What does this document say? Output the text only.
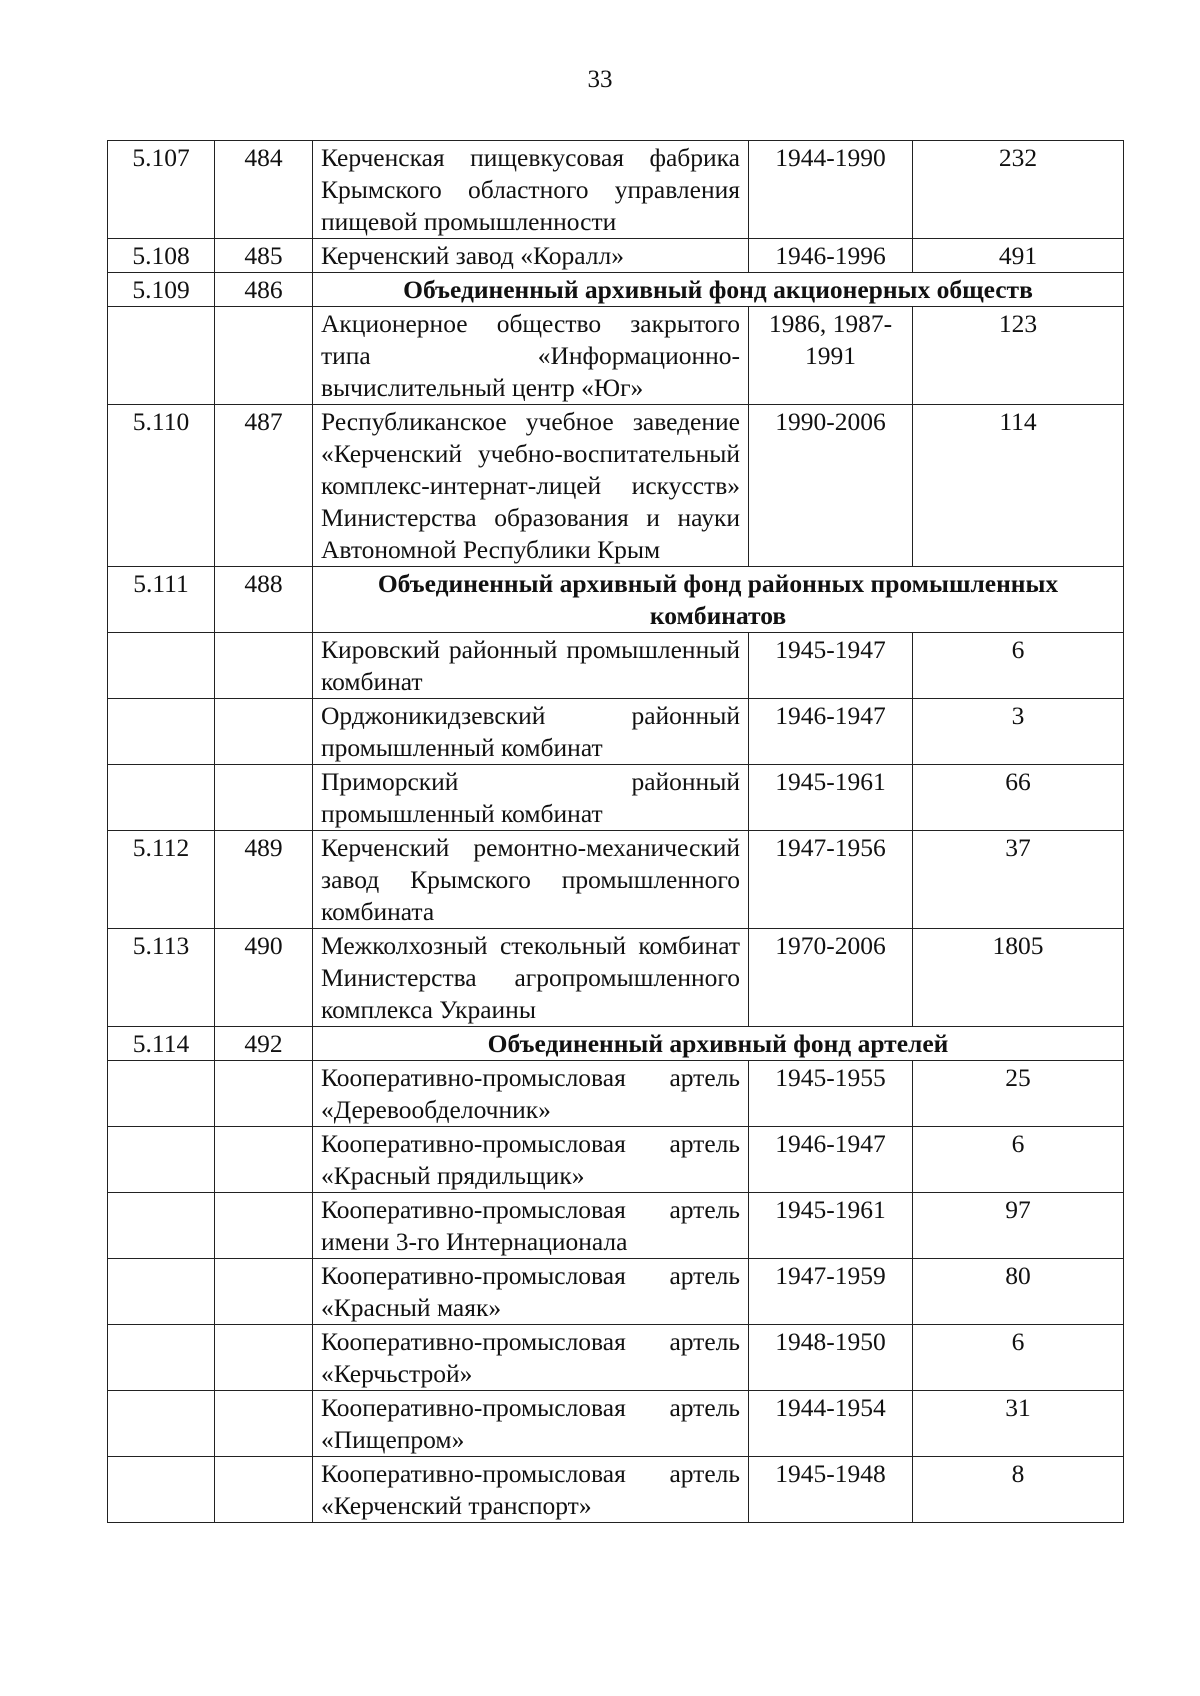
33
5.107	484	Керченская пищевкусовая фабрика Крымского областного управления пищевой промышленности	1944-1990	232
5.108	485	Керченский завод «Коралл»	1946-1996	491
5.109	486	Объединенный архивный фонд акционерных обществ		
		Акционерное общество закрытого типа «Информационно-вычислительный центр «Юг»	1986, 1987-1991	123
5.110	487	Республиканское учебное заведение «Керченский учебно-воспитательный комплекс-интернат-лицей искусств» Министерства образования и науки Автономной Республики Крым	1990-2006	114
5.111	488	Объединенный архивный фонд районных промышленных комбинатов		
		Кировский районный промышленный комбинат	1945-1947	6
		Орджоникидзевский районный промышленный комбинат	1946-1947	3
		Приморский районный промышленный комбинат	1945-1961	66
5.112	489	Керченский ремонтно-механический завод Крымского промышленного комбината	1947-1956	37
5.113	490	Межколхозный стекольный комбинат Министерства агропромышленного комплекса Украины	1970-2006	1805
5.114	492	Объединенный архивный фонд артелей		
		Кооперативно-промысловая артель «Деревообделочник»	1945-1955	25
		Кооперативно-промысловая артель «Красный прядильщик»	1946-1947	6
		Кооперативно-промысловая артель имени 3-го Интернационала	1945-1961	97
		Кооперативно-промысловая артель «Красный маяк»	1947-1959	80
		Кооперативно-промысловая артель «Керчьстрой»	1948-1950	6
		Кооперативно-промысловая артель «Пищепром»	1944-1954	31
		Кооперативно-промысловая артель «Керченский транспорт»	1945-1948	8
